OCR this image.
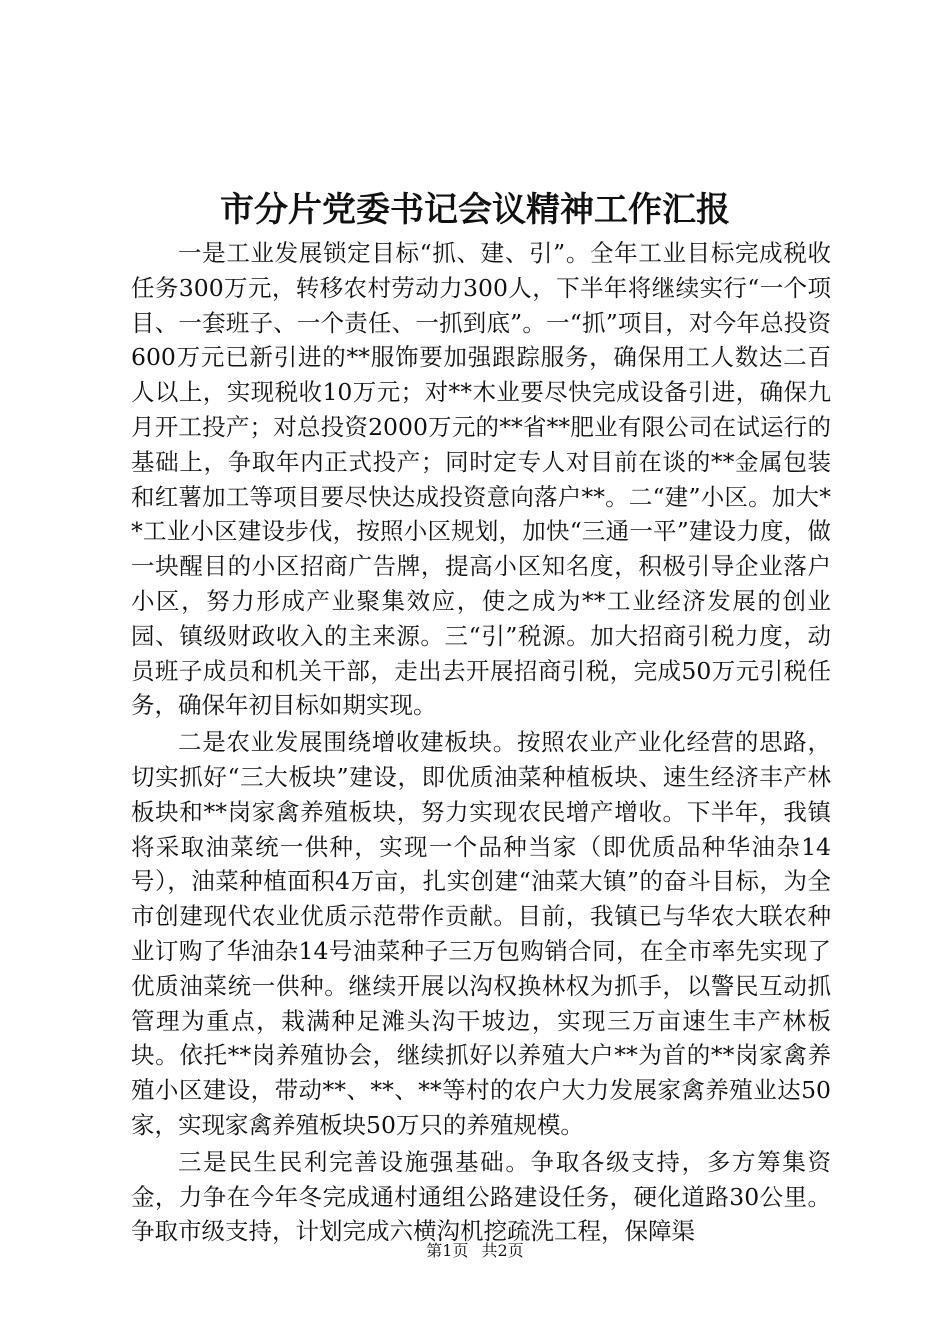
市分片党委书记会议精神工作汇报

一是工业发展锁定目标“抓、建、引”。全年工业目标完成税收任务300万元，转移农村劳动力300人，下半年将继续实行“一个项目、一套班子、一个责任、一抓到底”。一“抓”项目，对今年总投资600万元已新引进的**服饰要加强跟踪服务，确保用工人数达二百人以上，实现税收10万元；对**木业要尽快完成设备引进，确保九月开工投产；对总投资2000万元的**省**肥业有限公司在试运行的基础上，争取年内正式投产；同时定专人对目前在谈的**金属包装和红薯加工等项目要尽快达成投资意向落户**。二“建”小区。加大**工业小区建设步伐，按照小区规划，加快“三通一平”建设力度，做一块醒目的小区招商广告牌，提高小区知名度，积极引导企业落户小区，努力形成产业聚集效应，使之成为**工业经济发展的创业园、镇级财政收入的主来源。三“引”税源。加大招商引税力度，动员班子成员和机关干部，走出去开展招商引税，完成50万元引税任务，确保年初目标如期实现。

二是农业发展围绕增收建板块。按照农业产业化经营的思路，切实抓好“三大板块”建设，即优质油菜种植板块、速生经济丰产林板块和**岗家禽养殖板块，努力实现农民增产增收。下半年，我镇将采取油菜统一供种，实现一个品种当家（即优质品种华油杂14号），油菜种植面积4万亩，扎实创建“油菜大镇”的奋斗目标，为全市创建现代农业优质示范带作贡献。目前，我镇已与华农大联农种业订购了华油杂14号油菜种子三万包购销合同，在全市率先实现了优质油菜统一供种。继续开展以沟权换林权为抓手，以警民互动抓管理为重点，栽满种足滩头沟干坡边，实现三万亩速生丰产林板块。依托**岗养殖协会，继续抓好以养殖大户**为首的**岗家禽养殖小区建设，带动**、**、**等村的农户大力发展家禽养殖业达50家，实现家禽养殖板块50万只的养殖规模。

三是民生民利完善设施强基础。争取各级支持，多方筹集资金，力争在今年冬完成通村通组公路建设任务，硬化道路30公里。争取市级支持，计划完成六横沟机挖疏洗工程，保障渠

第1页 共2页
